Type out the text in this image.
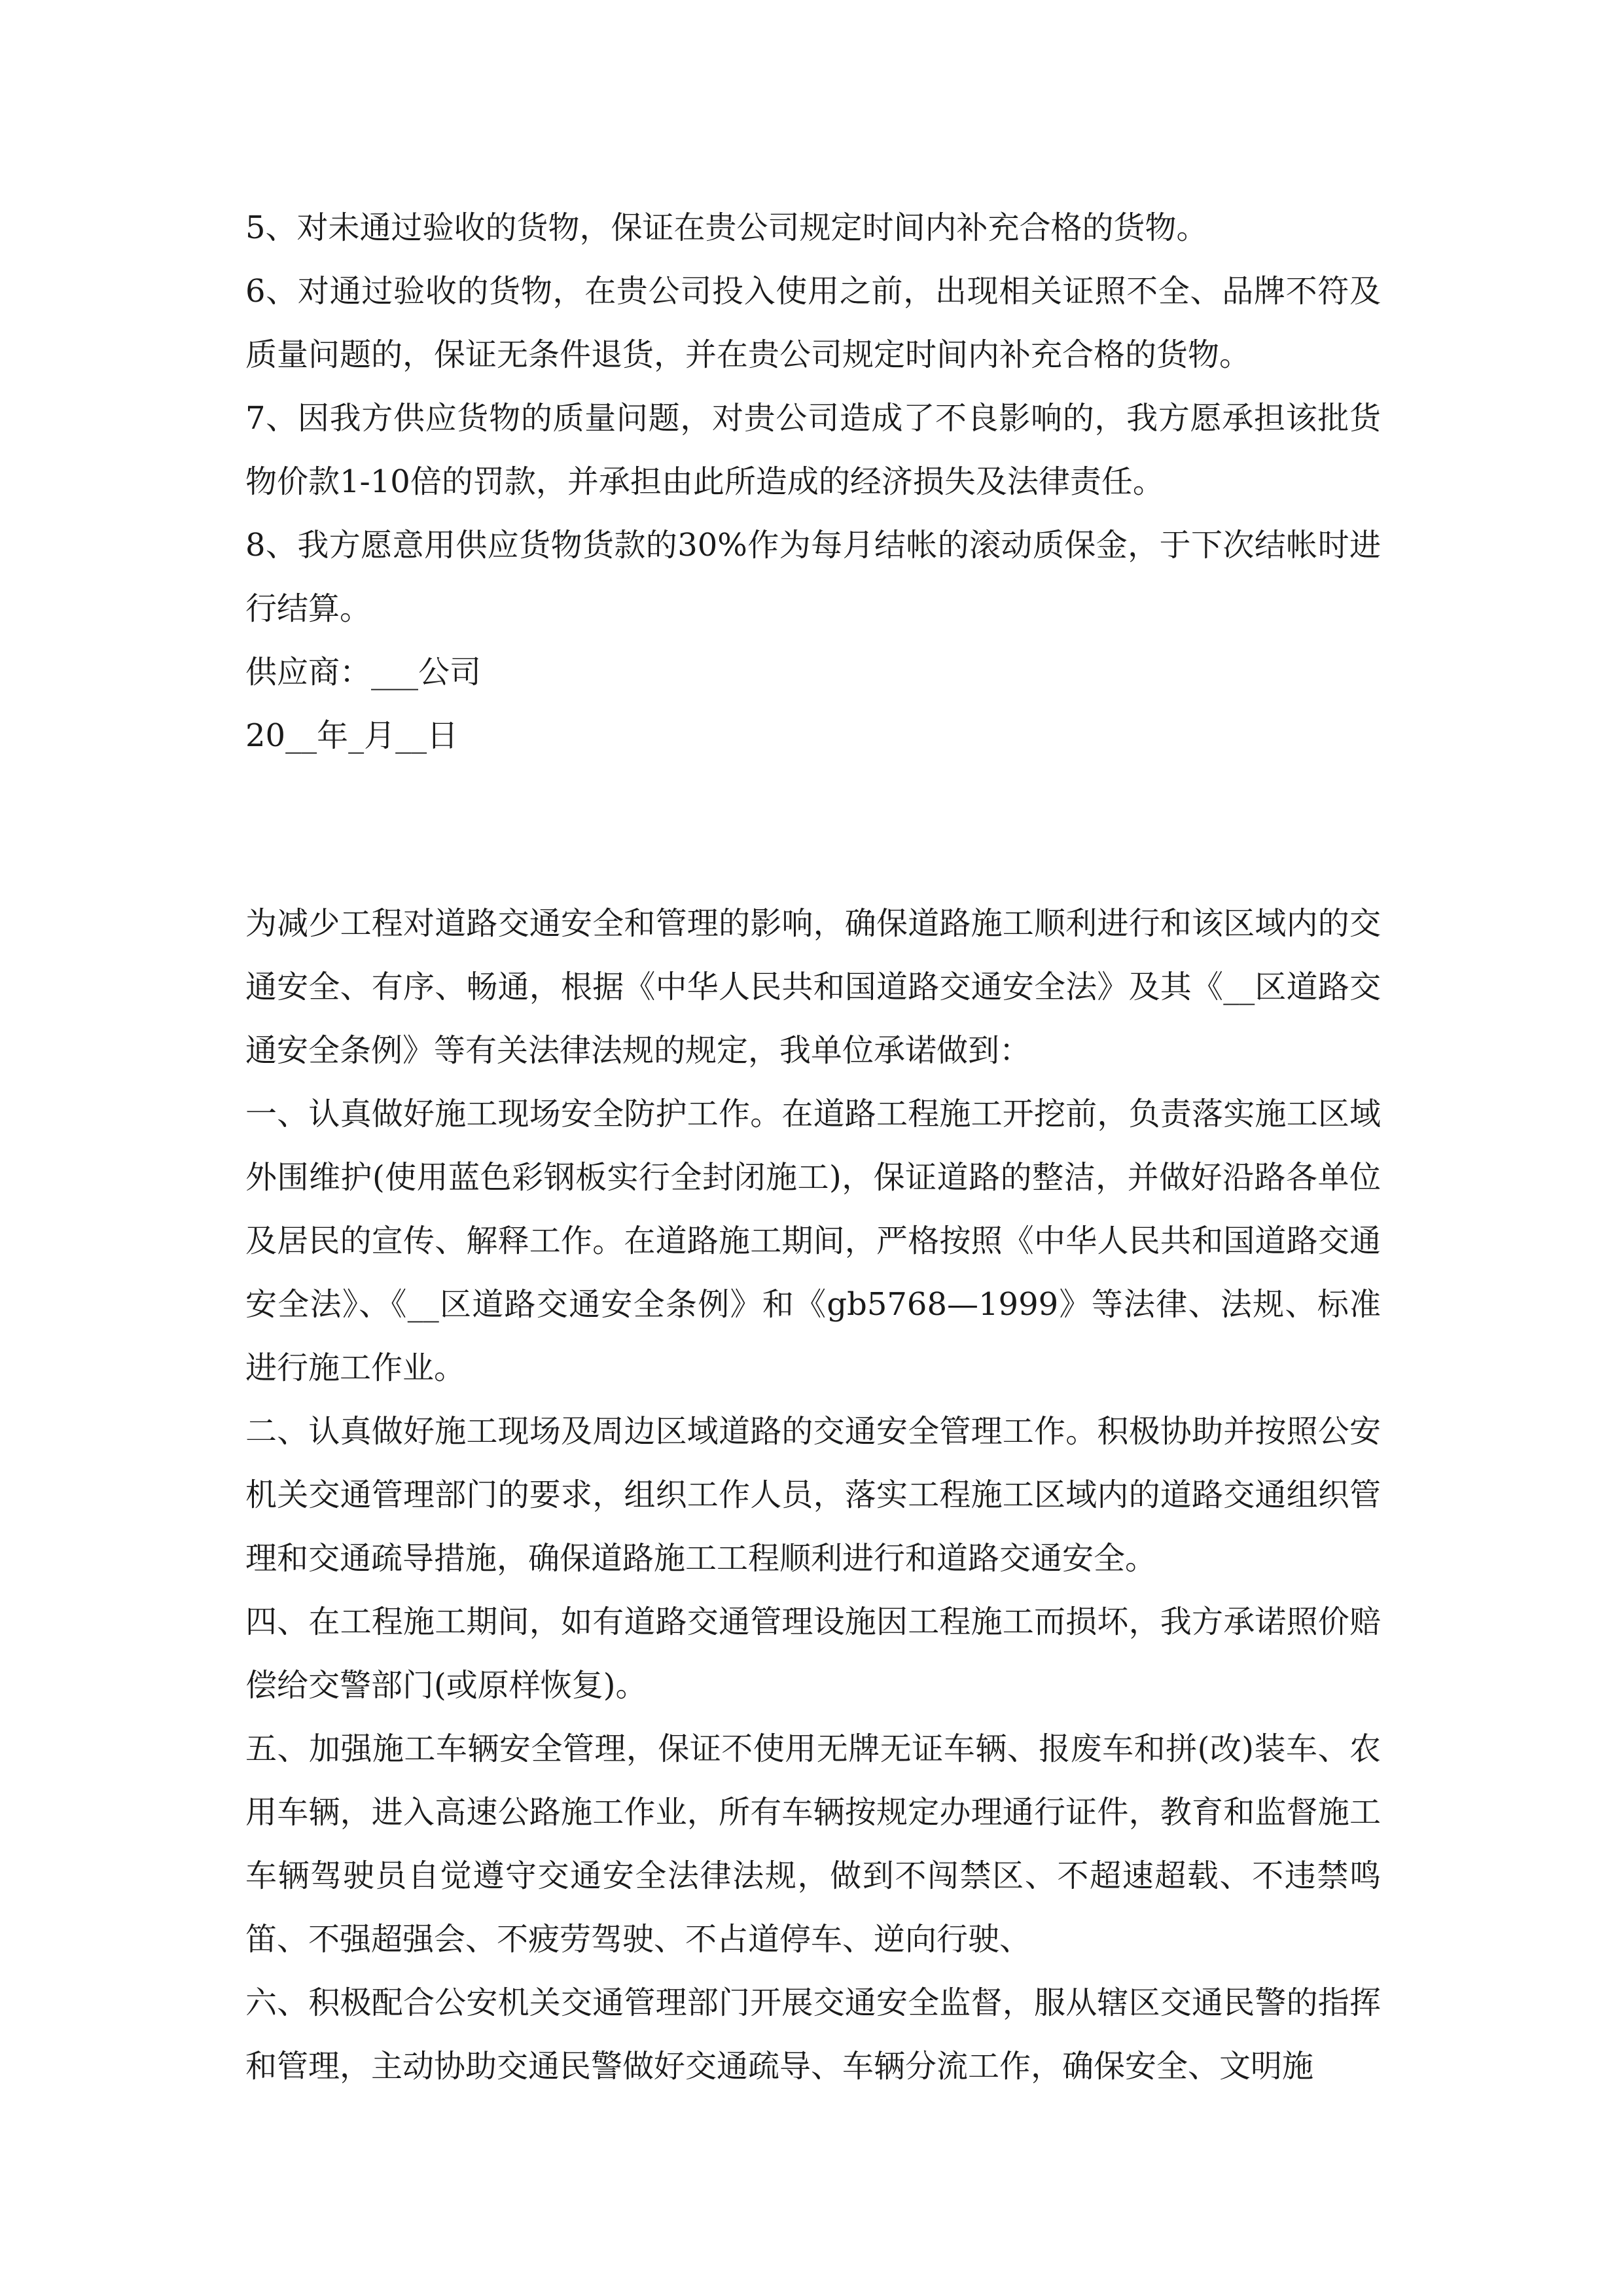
5、对未通过验收的货物，保证在贵公司规定时间内补充合格的货物。

6、对通过验收的货物，在贵公司投入使用之前，出现相关证照不全、品牌不符及质量问题的，保证无条件退货，并在贵公司规定时间内补充合格的货物。

7、因我方供应货物的质量问题，对贵公司造成了不良影响的，我方愿承担该批货物价款1-10倍的罚款，并承担由此所造成的经济损失及法律责任。

8、我方愿意用供应货物货款的30%作为每月结帐的滚动质保金，于下次结帐时进行结算。

供应商：___公司

20__年_月__日

为减少工程对道路交通安全和管理的影响，确保道路施工顺利进行和该区域内的交通安全、有序、畅通，根据《中华人民共和国道路交通安全法》及其《__区道路交通安全条例》等有关法律法规的规定，我单位承诺做到：

一、认真做好施工现场安全防护工作。在道路工程施工开挖前，负责落实施工区域外围维护(使用蓝色彩钢板实行全封闭施工)，保证道路的整洁，并做好沿路各单位及居民的宣传、解释工作。在道路施工期间，严格按照《中华人民共和国道路交通安全法》、《__区道路交通安全条例》和《gb5768—1999》等法律、法规、标准进行施工作业。

二、认真做好施工现场及周边区域道路的交通安全管理工作。积极协助并按照公安机关交通管理部门的要求，组织工作人员，落实工程施工区域内的道路交通组织管理和交通疏导措施，确保道路施工工程顺利进行和道路交通安全。

四、在工程施工期间，如有道路交通管理设施因工程施工而损坏，我方承诺照价赔偿给交警部门(或原样恢复)。

五、加强施工车辆安全管理，保证不使用无牌无证车辆、报废车和拼(改)装车、农用车辆，进入高速公路施工作业，所有车辆按规定办理通行证件，教育和监督施工车辆驾驶员自觉遵守交通安全法律法规，做到不闯禁区、不超速超载、不违禁鸣笛、不强超强会、不疲劳驾驶、不占道停车、逆向行驶、

六、积极配合公安机关交通管理部门开展交通安全监督，服从辖区交通民警的指挥和管理，主动协助交通民警做好交通疏导、车辆分流工作，确保安全、文明施
